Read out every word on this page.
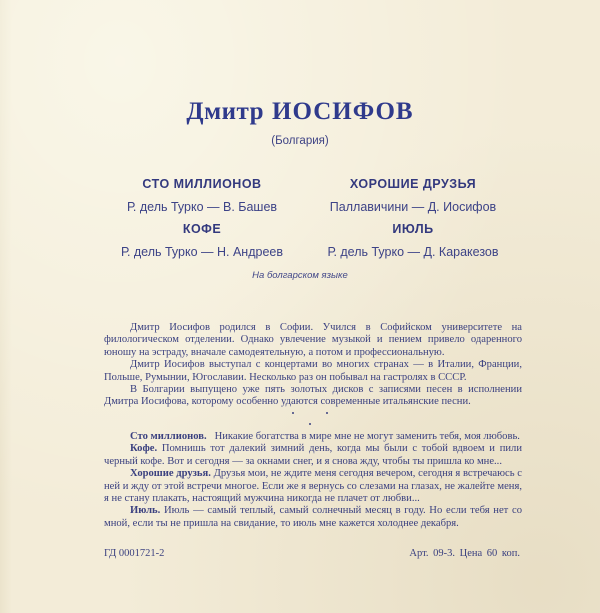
Дмитр ИОСИФОВ
(Болгария)
СТО МИЛЛИОНОВ
Р. дель Турко — В. Башев
ХОРОШИЕ ДРУЗЬЯ
Паллавичини — Д. Иосифов
КОФЕ
Р. дель Турко — Н. Андреев
ИЮЛЬ
Р. дель Турко — Д. Каракезов
На болгарском языке

Дмитр Иосифов родился в Софии. Учился в Софийском университете на филологическом отделении. Однако увлечение музыкой и пением привело одаренного юношу на эстраду, вначале самодеятельную, а потом и профессиональную.

Дмитр Иосифов выступал с концертами во многих странах — в Италии, Франции, Польше, Румынии, Югославии. Несколько раз он побывал на гастролях в СССР.

В Болгарии выпущено уже пять золотых дисков с записями песен в исполнении Дмитра Иосифова, которому особенно удаются современные итальянские песни.

Сто миллионов. Никакие богатства в мире мне не могут заменить тебя, моя любовь.

Кофе. Помнишь тот далекий зимний день, когда мы были с тобой вдвоем и пили черный кофе. Вот и сегодня — за окнами снег, и я снова жду, чтобы ты пришла ко мне...

Хорошие друзья. Друзья мои, не ждите меня сегодня вечером, сегодня я встречаюсь с ней и жду от этой встречи многое. Если же я вернусь со слезами на глазах, не жалейте меня, я не стану плакать, настоящий мужчина никогда не плачет от любви...

Июль. Июль — самый теплый, самый солнечный месяц в году. Но если тебя нет со мной, если ты не пришла на свидание, то июль мне кажется холоднее декабря.

ГД 0001721-2	Арт. 09-3. Цена 60 коп.
